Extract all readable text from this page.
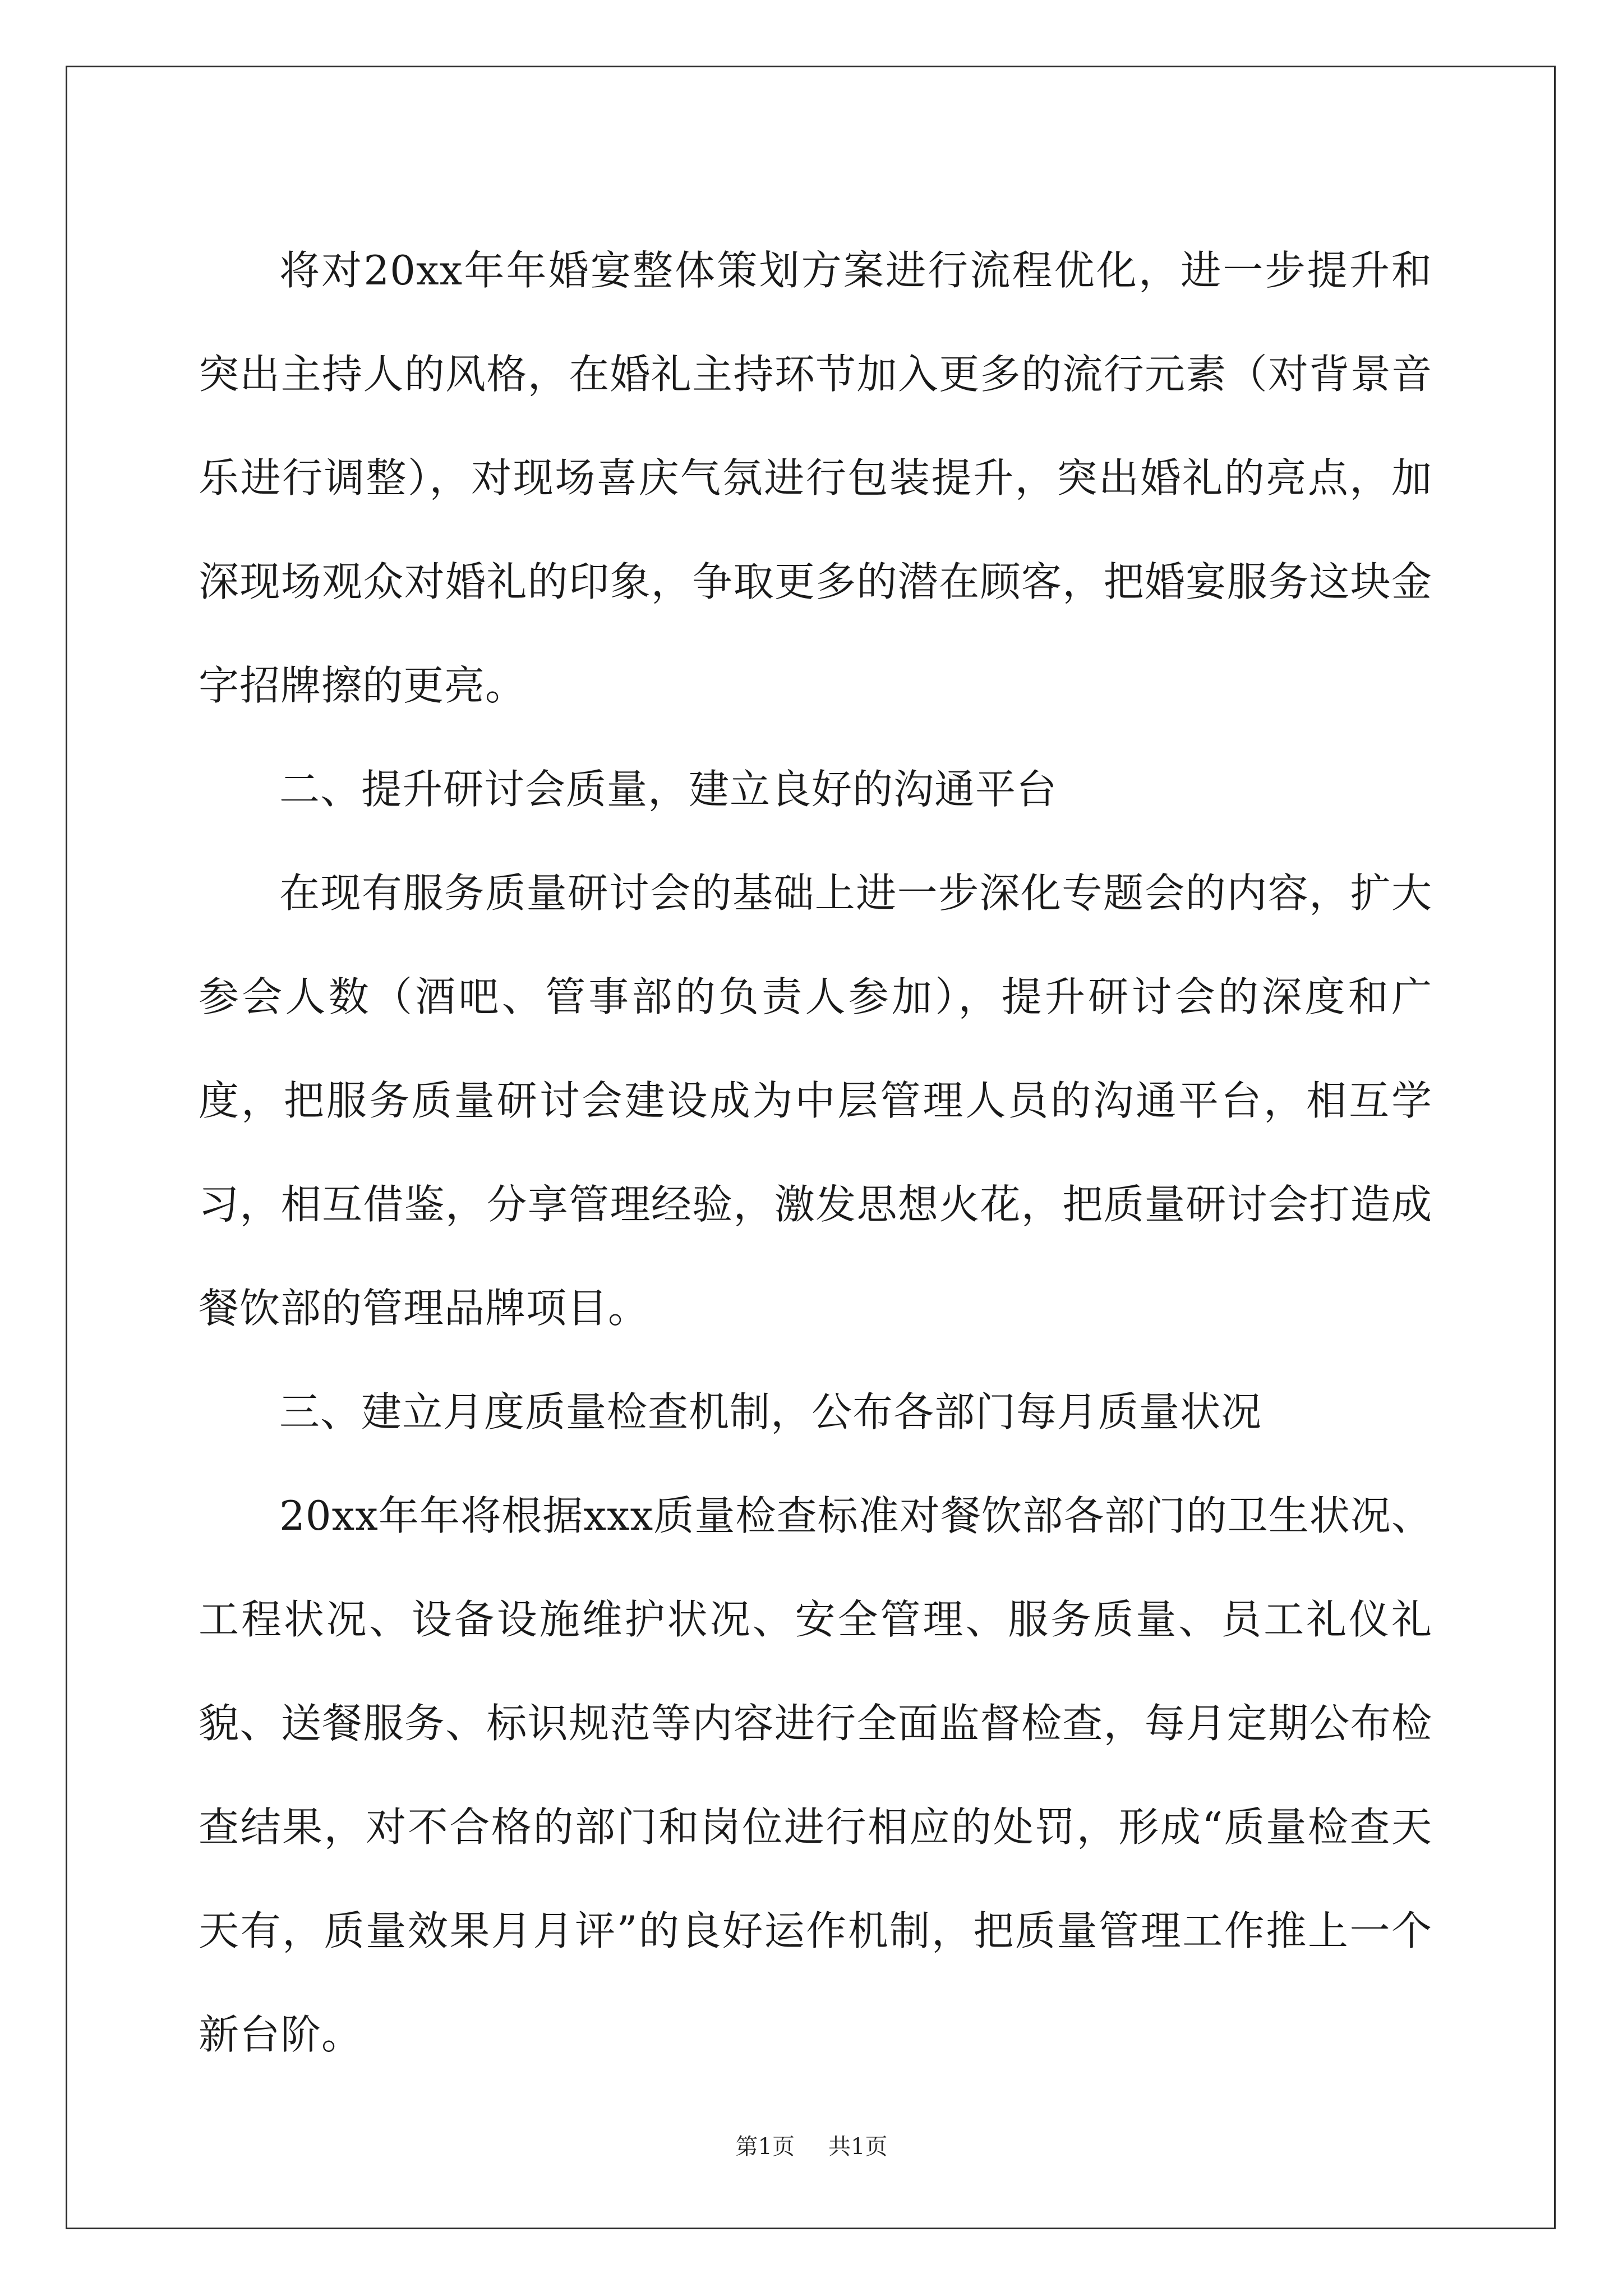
将对20xx年年婚宴整体策划方案进行流程优化，进一步提升和突出主持人的风格，在婚礼主持环节加入更多的流行元素（对背景音乐进行调整），对现场喜庆气氛进行包装提升，突出婚礼的亮点，加深现场观众对婚礼的印象，争取更多的潜在顾客，把婚宴服务这块金字招牌擦的更亮。

二、提升研讨会质量，建立良好的沟通平台

在现有服务质量研讨会的基础上进一步深化专题会的内容，扩大参会人数（酒吧、管事部的负责人参加），提升研讨会的深度和广度，把服务质量研讨会建设成为中层管理人员的沟通平台，相互学习，相互借鉴，分享管理经验，激发思想火花，把质量研讨会打造成餐饮部的管理品牌项目。

三、建立月度质量检查机制，公布各部门每月质量状况

20xx年年将根据xxx质量检查标准对餐饮部各部门的卫生状况、工程状况、设备设施维护状况、安全管理、服务质量、员工礼仪礼貌、送餐服务、标识规范等内容进行全面监督检查，每月定期公布检查结果，对不合格的部门和岗位进行相应的处罚，形成“质量检查天天有，质量效果月月评”的良好运作机制，把质量管理工作推上一个新台阶。

第1页 共1页
